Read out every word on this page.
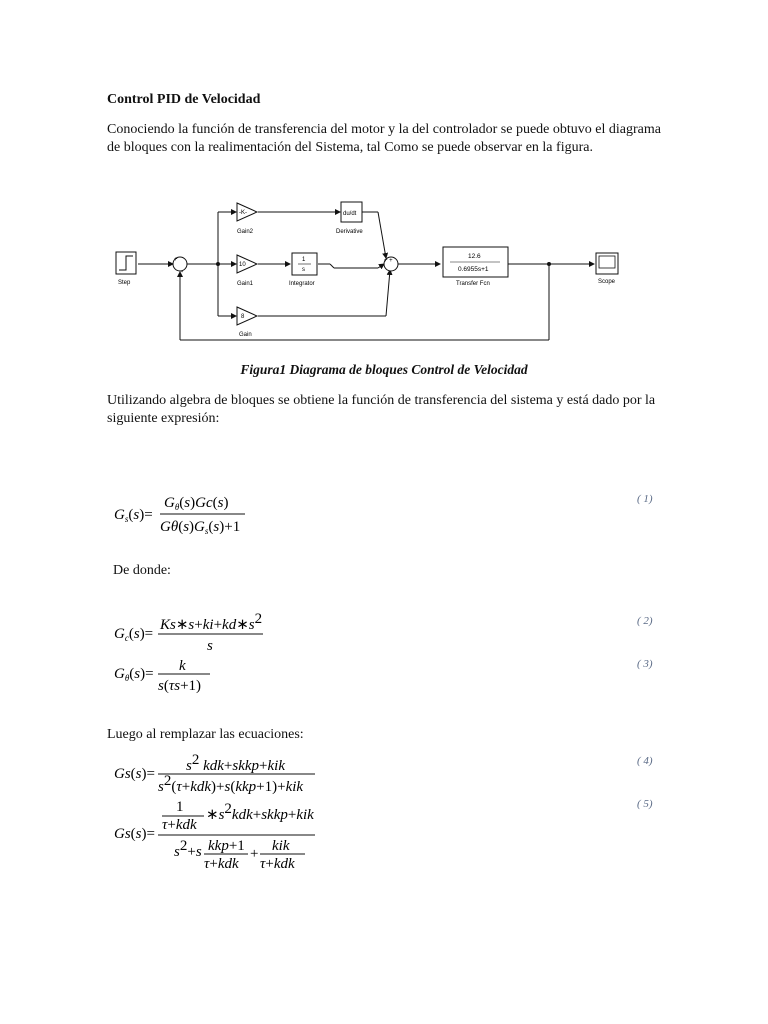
Control PID de Velocidad
Conociendo la función de transferencia del motor y la del controlador se puede obtuvo el diagrama
de bloques con la realimentación del Sistema, tal Como se puede observar en la figura.
Step
+
-
-K-
Gain2
du/dt
Derivative
10
Gain1
1
s
Integrator
8
Gain
+ +
12.6
0.6955s+1
Transfer Fcn	Scope
Figura1 Diagrama de bloques Control de Velocidad
Utilizando algebra de bloques se obtiene la función de transferencia del sistema y está dado por la
siguiente expresión:
$G_s(s)=$
$G_\theta(s)Gc(s)$
$G\theta(s)G_s(s)+1$
( 1)
De donde:
$G_c(s)=$
Ks∗s+ki+kd∗s2
s
( 2)
$G_\theta(s)= k$
s(τs+1)
( 3)
Luego al remplazar las ecuaciones:
Gs(s)= s2 kdk+skkp+kik
s2(τ+kdk)+s(kkp+1)+kik
( 4)
Gs(s)=
1
τ+kdk
∗s2kdk+skkp+kik
s2+s kkp+1
τ+kdk
+ kik
τ+kdk
( 5)
